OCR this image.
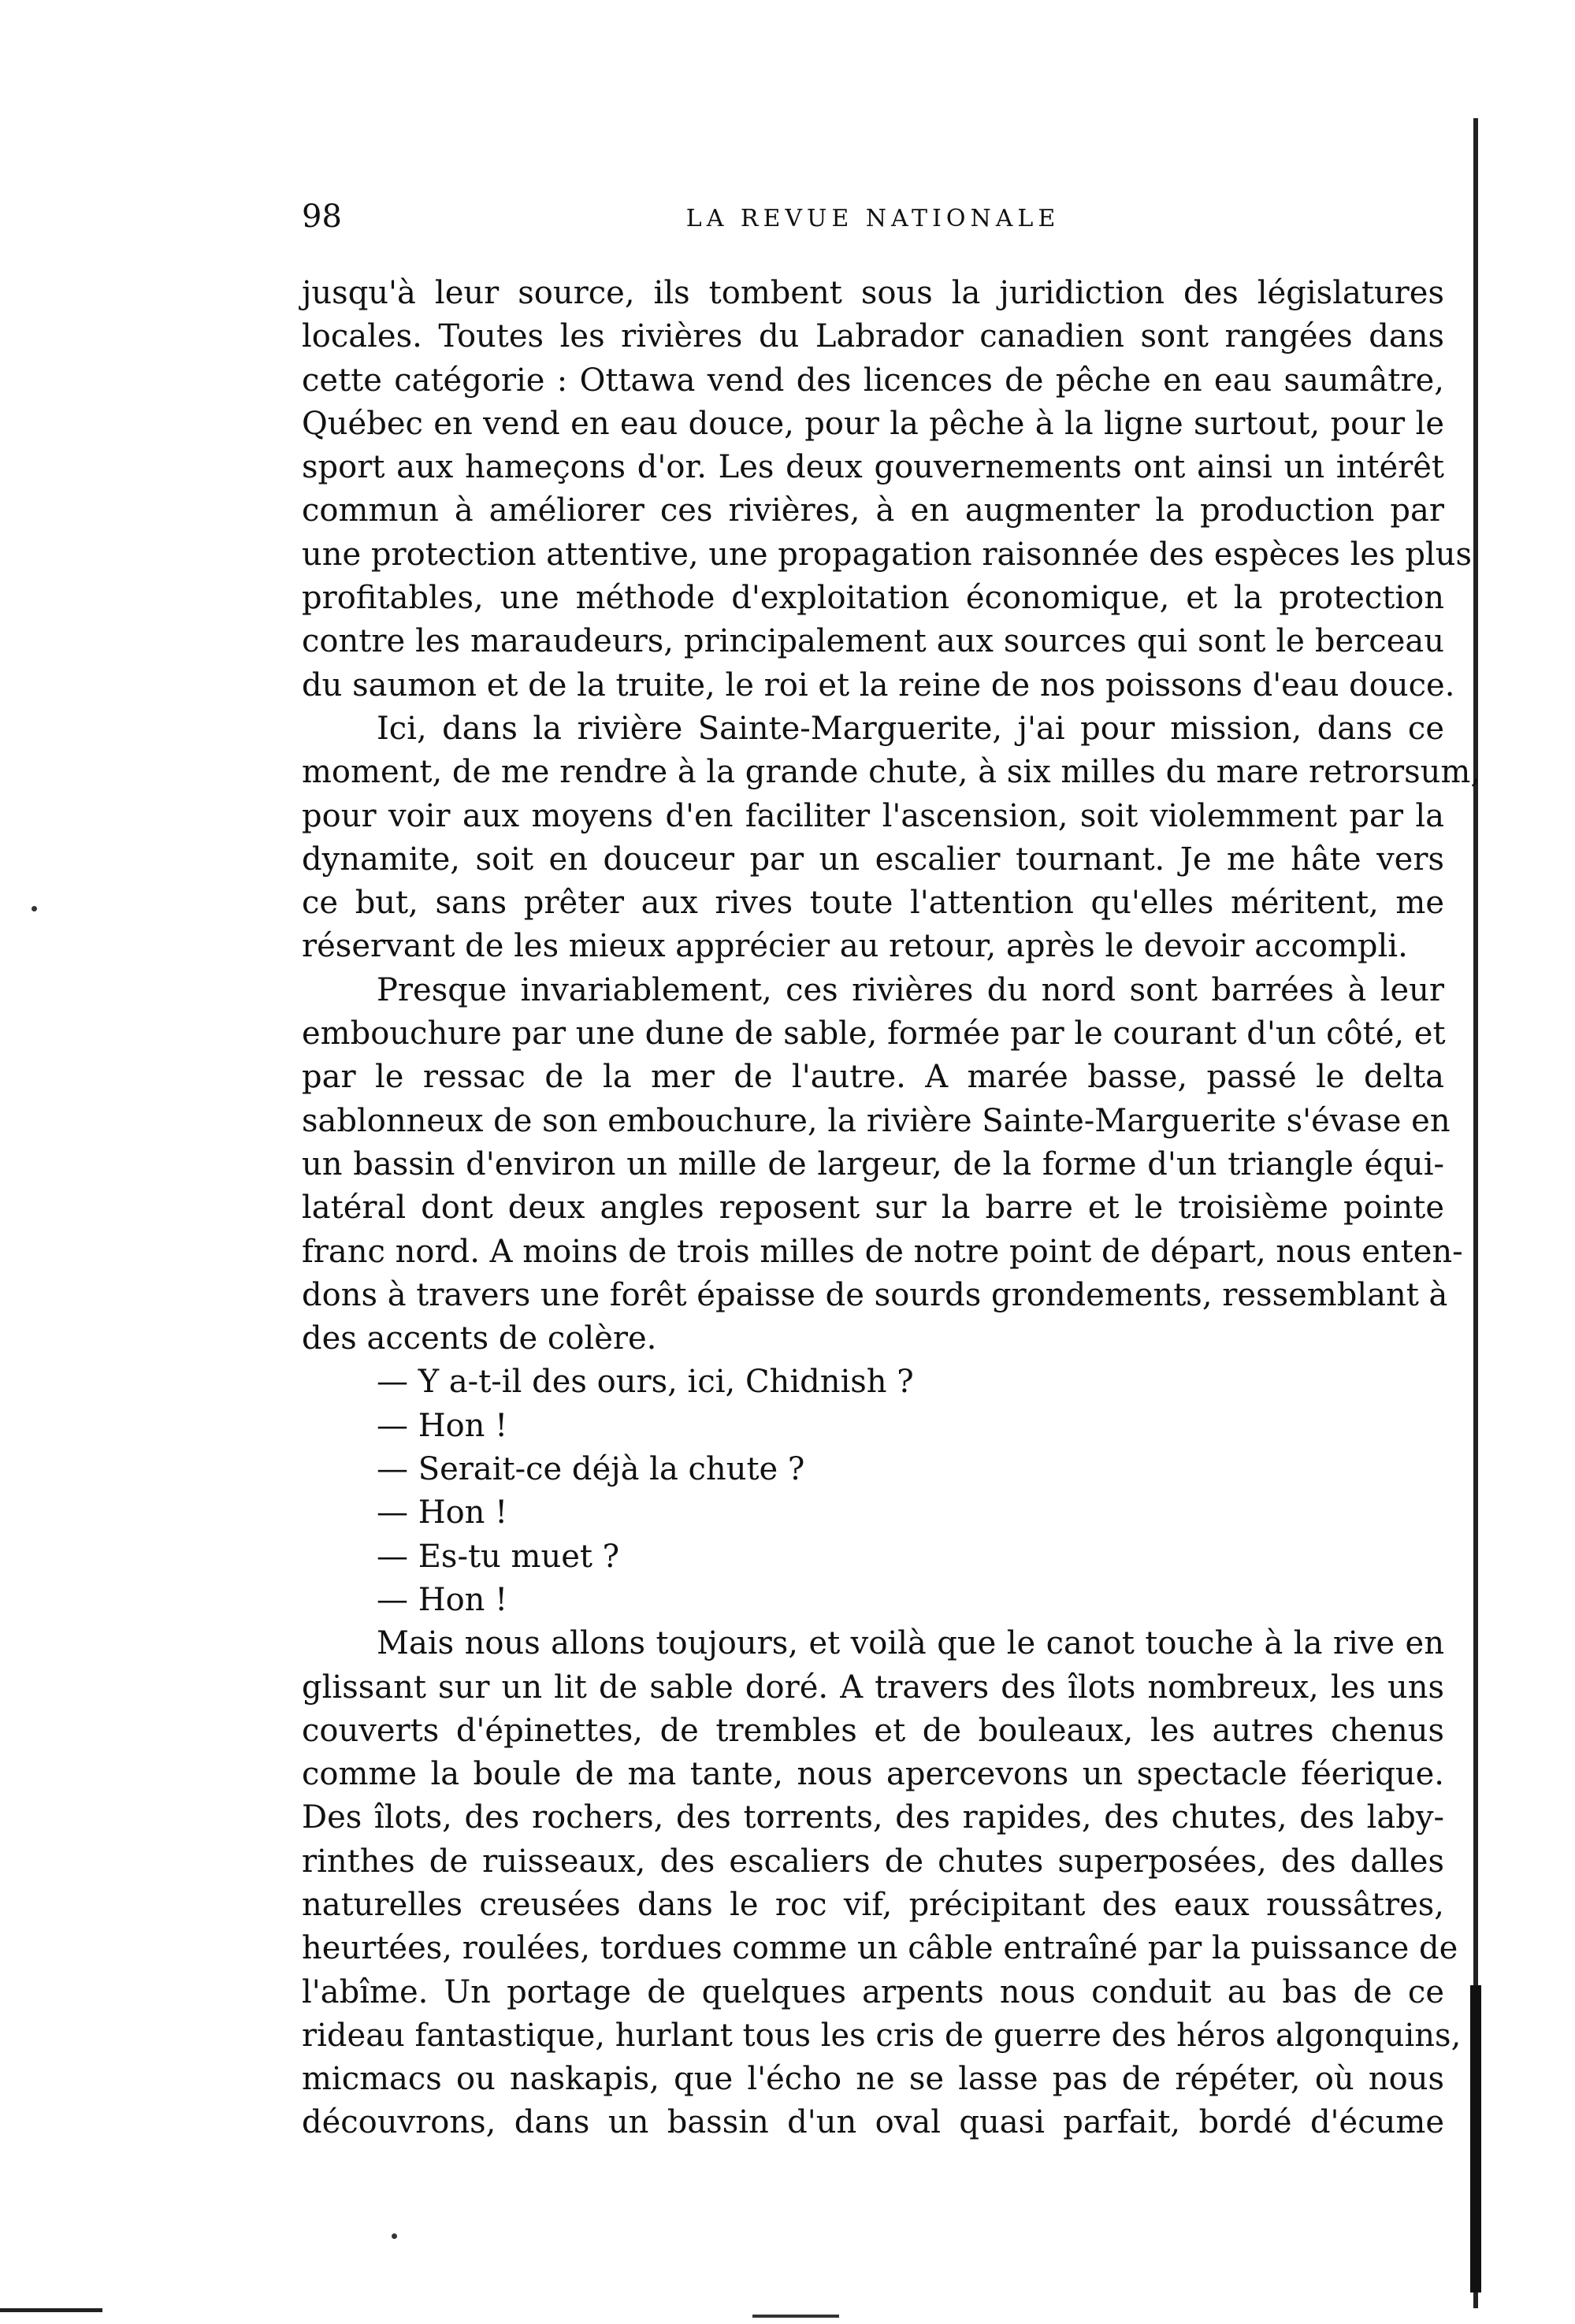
98	LA REVUE NATIONALE
jusqu'à leur source, ils tombent sous la juridiction des législatures
locales. Toutes les rivières du Labrador canadien sont rangées dans
cette catégorie : Ottawa vend des licences de pêche en eau saumâtre,
Québec en vend en eau douce, pour la pêche à la ligne surtout, pour le
sport aux hameçons d'or. Les deux gouvernements ont ainsi un intérêt
commun à améliorer ces rivières, à en augmenter la production par
une protection attentive, une propagation raisonnée des espèces les plus
profitables, une méthode d'exploitation économique, et la protection
contre les maraudeurs, principalement aux sources qui sont le berceau
du saumon et de la truite, le roi et la reine de nos poissons d'eau douce.
Ici, dans la rivière Sainte-Marguerite, j'ai pour mission, dans ce
moment, de me rendre à la grande chute, à six milles du mare retrorsum,
pour voir aux moyens d'en faciliter l'ascension, soit violemment par la
dynamite, soit en douceur par un escalier tournant. Je me hâte vers
ce but, sans prêter aux rives toute l'attention qu'elles méritent, me
réservant de les mieux apprécier au retour, après le devoir accompli.
Presque invariablement, ces rivières du nord sont barrées à leur
embouchure par une dune de sable, formée par le courant d'un côté, et
par le ressac de la mer de l'autre. A marée basse, passé le delta
sablonneux de son embouchure, la rivière Sainte-Marguerite s'évase en
un bassin d'environ un mille de largeur, de la forme d'un triangle équi-
latéral dont deux angles reposent sur la barre et le troisième pointe
franc nord. A moins de trois milles de notre point de départ, nous enten-
dons à travers une forêt épaisse de sourds grondements, ressemblant à
des accents de colère.
— Y a-t-il des ours, ici, Chidnish ?
— Hon !
— Serait-ce déjà la chute ?
— Hon !
— Es-tu muet ?
— Hon !
Mais nous allons toujours, et voilà que le canot touche à la rive en
glissant sur un lit de sable doré. A travers des îlots nombreux, les uns
couverts d'épinettes, de trembles et de bouleaux, les autres chenus
comme la boule de ma tante, nous apercevons un spectacle féerique.
Des îlots, des rochers, des torrents, des rapides, des chutes, des laby-
rinthes de ruisseaux, des escaliers de chutes superposées, des dalles
naturelles creusées dans le roc vif, précipitant des eaux roussâtres,
heurtées, roulées, tordues comme un câble entraîné par la puissance de
l'abîme. Un portage de quelques arpents nous conduit au bas de ce
rideau fantastique, hurlant tous les cris de guerre des héros algonquins,
micmacs ou naskapis, que l'écho ne se lasse pas de répéter, où nous
découvrons, dans un bassin d'un oval quasi parfait, bordé d'écume
